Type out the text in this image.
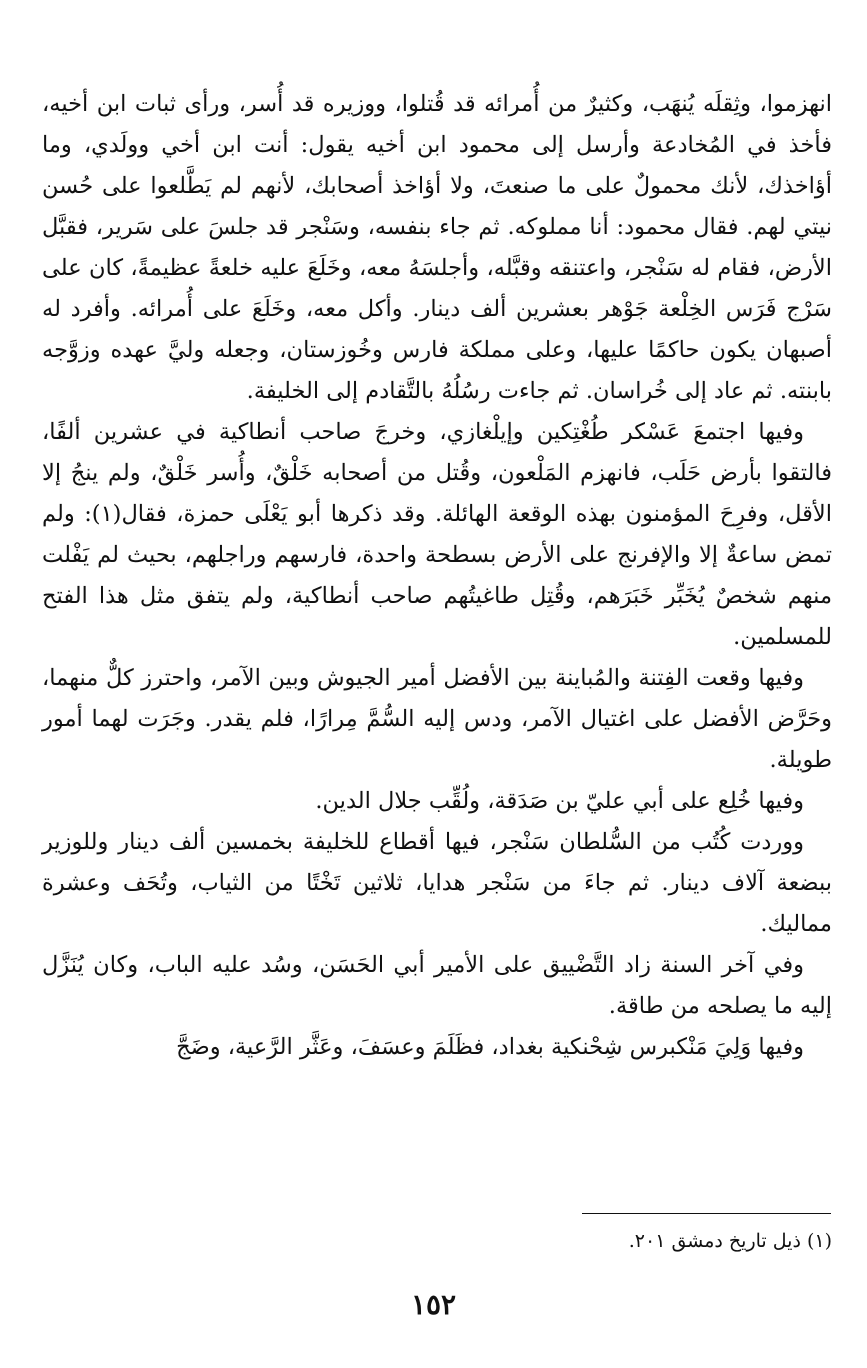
انهزموا، وثِقلَه يُنهَب، وكثيرٌ من أُمرائه قد قُتلوا، ووزيره قد أُسر، ورأى ثبات ابن أخيه، فأخذ في المُخادعة وأرسل إلى محمود ابن أخيه يقول: أنت ابن أخي وولَدي، وما أؤاخذك، لأنك محمولٌ على ما صنعتَ، ولا أؤاخذ أصحابك، لأنهم لم يَطَّلعوا على حُسن نيتي لهم. فقال محمود: أنا مملوكه. ثم جاء بنفسه، وسَنْجر قد جلسَ على سَرير، فقبَّل الأرض، فقام له سَنْجر، واعتنقه وقبَّله، وأجلسَهُ معه، وخَلَعَ عليه خلعةً عظيمةً، كان على سَرْج فَرَس الخِلْعة جَوْهر بعشرين ألف دينار. وأكل معه، وخَلَعَ على أُمرائه. وأفرد له أصبهان يكون حاكمًا عليها، وعلى مملكة فارس وخُوزستان، وجعله وليَّ عهده وزوَّجه بابنته. ثم عاد إلى خُراسان. ثم جاءت رسُلُهُ بالتَّقادم إلى الخليفة.

وفيها اجتمعَ عَسْكر طُغْتِكين وإيلْغازي، وخرجَ صاحب أنطاكية في عشرين ألفًا، فالتقوا بأرض حَلَب، فانهزم المَلْعون، وقُتل من أصحابه خَلْقٌ، وأُسر خَلْقٌ، ولم ينجُ إلا الأقل، وفرِحَ المؤمنون بهذه الوقعة الهائلة. وقد ذكرها أبو يَعْلَى حمزة، فقال(١): ولم تمض ساعةٌ إلا والإفرنج على الأرض بسطحة واحدة، فارسهم وراجلهم، بحيث لم يَفْلت منهم شخصٌ يُخَبِّر خَبَرَهم، وقُتِل طاغيتُهم صاحب أنطاكية، ولم يتفق مثل هذا الفتح للمسلمين.

وفيها وقعت الفِتنة والمُباينة بين الأفضل أمير الجيوش وبين الآمر، واحترز كلٌّ منهما، وحَرَّض الأفضل على اغتيال الآمر، ودس إليه السُّمَّ مِرارًا، فلم يقدر. وجَرَت لهما أمور طويلة.

وفيها خُلِع على أبي عليّ بن صَدَقة، ولُقِّب جلال الدين.

ووردت كُتُب من السُّلطان سَنْجر، فيها أقطاع للخليفة بخمسين ألف دينار وللوزير ببضعة آلاف دينار. ثم جاءَ من سَنْجر هدايا، ثلاثين تَخْتًا من الثياب، وتُحَف وعشرة مماليك.

وفي آخر السنة زاد التَّضْييق على الأمير أبي الحَسَن، وسُد عليه الباب، وكان يُنَزَّل إليه ما يصلحه من طاقة.

وفيها وَلِيَ مَنْكبرس شِحْنكية بغداد، فظَلَمَ وعسَفَ، وعَثَّر الرَّعية، وضَجَّ

(١) ذيل تاريخ دمشق ٢٠١.

١٥٢
